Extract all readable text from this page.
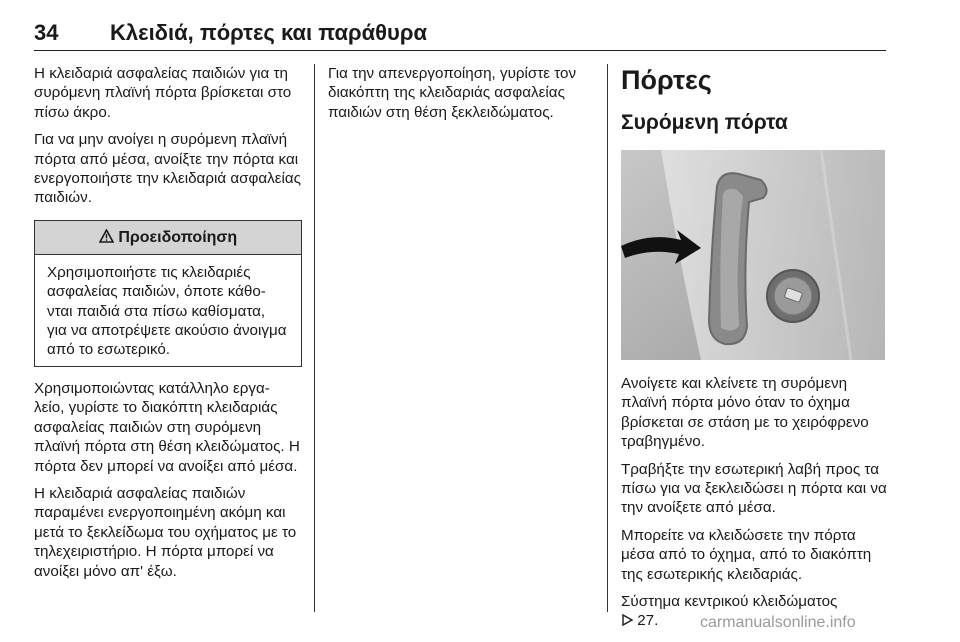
34 Κλειδιά, πόρτες και παράθυρα

Η κλειδαριά ασφαλείας παιδιών για τη συρόμενη πλαϊνή πόρτα βρίσκεται στο πίσω άκρο.

Για να μην ανοίγει η συρόμενη πλαϊνή πόρτα από μέσα, ανοίξτε την πόρτα και ενεργοποιήστε την κλειδαριά ασφαλείας παιδιών.

Προειδοποίηση

Χρησιμοποιήστε τις κλειδαριές ασφαλείας παιδιών, όποτε κάθο- νται παιδιά στα πίσω καθίσματα, για να αποτρέψετε ακούσιο άνοιγμα από το εσωτερικό.

Χρησιμοποιώντας κατάλληλο εργα- λείο, γυρίστε το διακόπτη κλειδαριάς ασφαλείας παιδιών στη συρόμενη πλαϊνή πόρτα στη θέση κλειδώματος. Η πόρτα δεν μπορεί να ανοίξει από μέσα.

Η κλειδαριά ασφαλείας παιδιών παραμένει ενεργοποιημένη ακόμη και μετά το ξεκλείδωμα του οχήματος με το τηλεχειριστήριο. Η πόρτα μπορεί να ανοίξει μόνο απ' έξω.

Για την απενεργοποίηση, γυρίστε τον διακόπτη της κλειδαριάς ασφαλείας παιδιών στη θέση ξεκλειδώματος.

Πόρτες
Συρόμενη πόρτα

Ανοίγετε και κλείνετε τη συρόμενη πλαϊνή πόρτα μόνο όταν το όχημα βρίσκεται σε στάση με το χειρόφρενο τραβηγμένο.

Τραβήξτε την εσωτερική λαβή προς τα πίσω για να ξεκλειδώσει η πόρτα και να την ανοίξετε από μέσα.

Μπορείτε να κλειδώσετε την πόρτα μέσα από το όχημα, από το διακόπτη της εσωτερικής κλειδαριάς.

Σύστημα κεντρικού κλειδώματος

27.	carmanualsonline.info
